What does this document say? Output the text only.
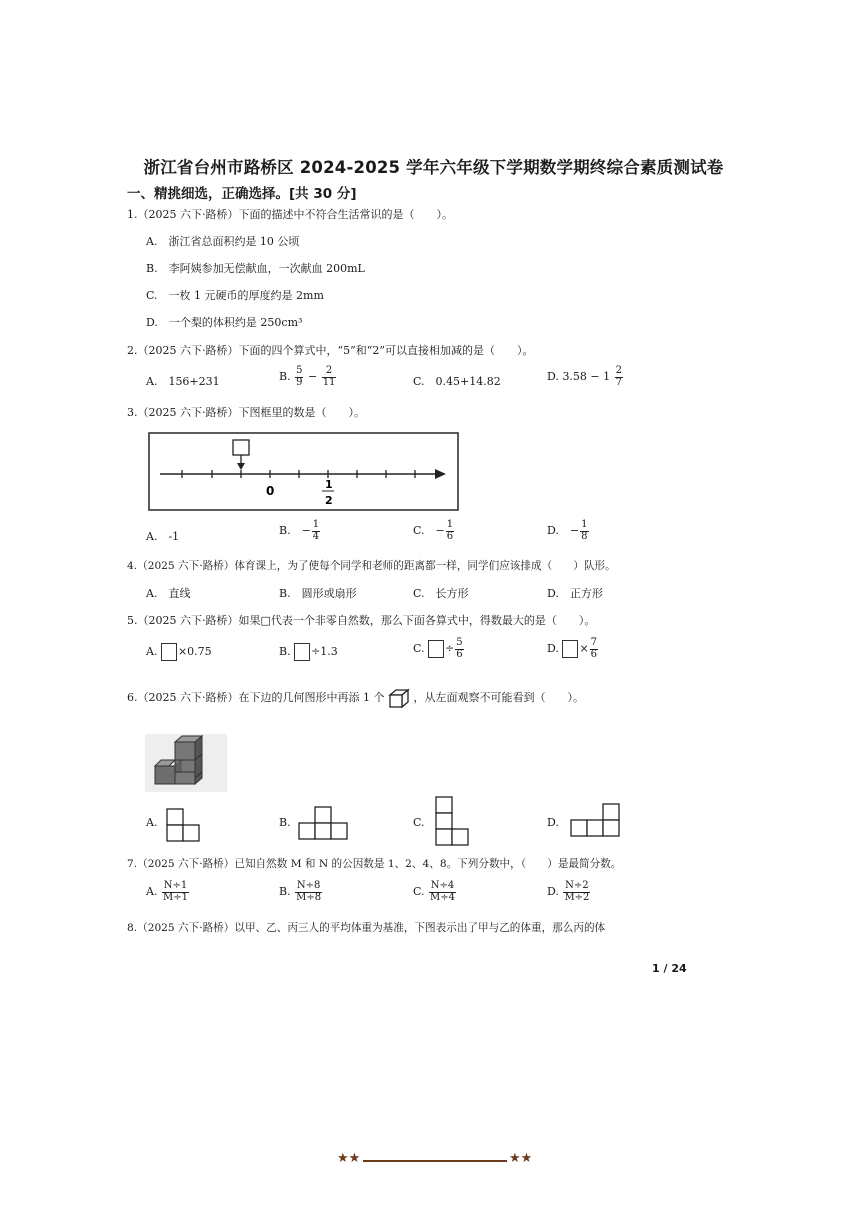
浙江省台州市路桥区 2024-2025 学年六年级下学期数学期终综合素质测试卷
一、精挑细选，正确选择。[共 30 分]
1.（2025 六下·路桥）下面的描述中不符合生活常识的是（　　）。
A.　浙江省总面积约是 10 公顷
B.　李阿姨参加无偿献血，一次献血 200mL
C.　一枚 1 元硬币的厚度约是 2mm
D.　一个梨的体积约是 250cm³
2.（2025 六下·路桥）下面的四个算式中，“5”和“2”可以直接相加减的是（　　）。
A.　156+231	B. $\frac{5}{9} - \frac{2}{11}$	C.　0.45+14.82	D. $3.58 - 1 \frac{2}{7}$
3.（2025 六下·路桥）下图框里的数是（　　）。
0	1
2
A.　-1	B.　− $\frac{1}{4}$	C.　− $\frac{1}{6}$	D.　− $\frac{1}{8}$
4.（2025 六下·路桥）体育课上，为了使每个同学和老师的距离都一样，同学们应该排成（　　）队形。
A.　直线	B.　圆形或扇形	C.　长方形	D.　正方形
5.（2025 六下·路桥）如果□代表一个非零自然数，那么下面各算式中，得数最大的是（　　）。
A. ×0.75	B. ÷1.3	C. ÷ $\frac{5}{6}$	D. × $\frac{7}{6}$
6.（2025 六下·路桥）在下边的几何图形中再添 1 个	，从左面观察不可能看到（　　）。
A.	B.	C.	D.
7.（2025 六下·路桥）已知自然数 M 和 N 的公因数是 1、2、4、8。下列分数中，（　　）是最简分数。
A. $\frac{N\div 1}{M\div 1}$	B. $\frac{N\div 8}{M\div 8}$	C. $\frac{N\div 4}{M\div 4}$	D. $\frac{N\div 2}{M\div 2}$
8.（2025 六下·路桥）以甲、乙、丙三人的平均体重为基准，下图表示出了甲与乙的体重，那么丙的体
1 / 24
★★	★★
